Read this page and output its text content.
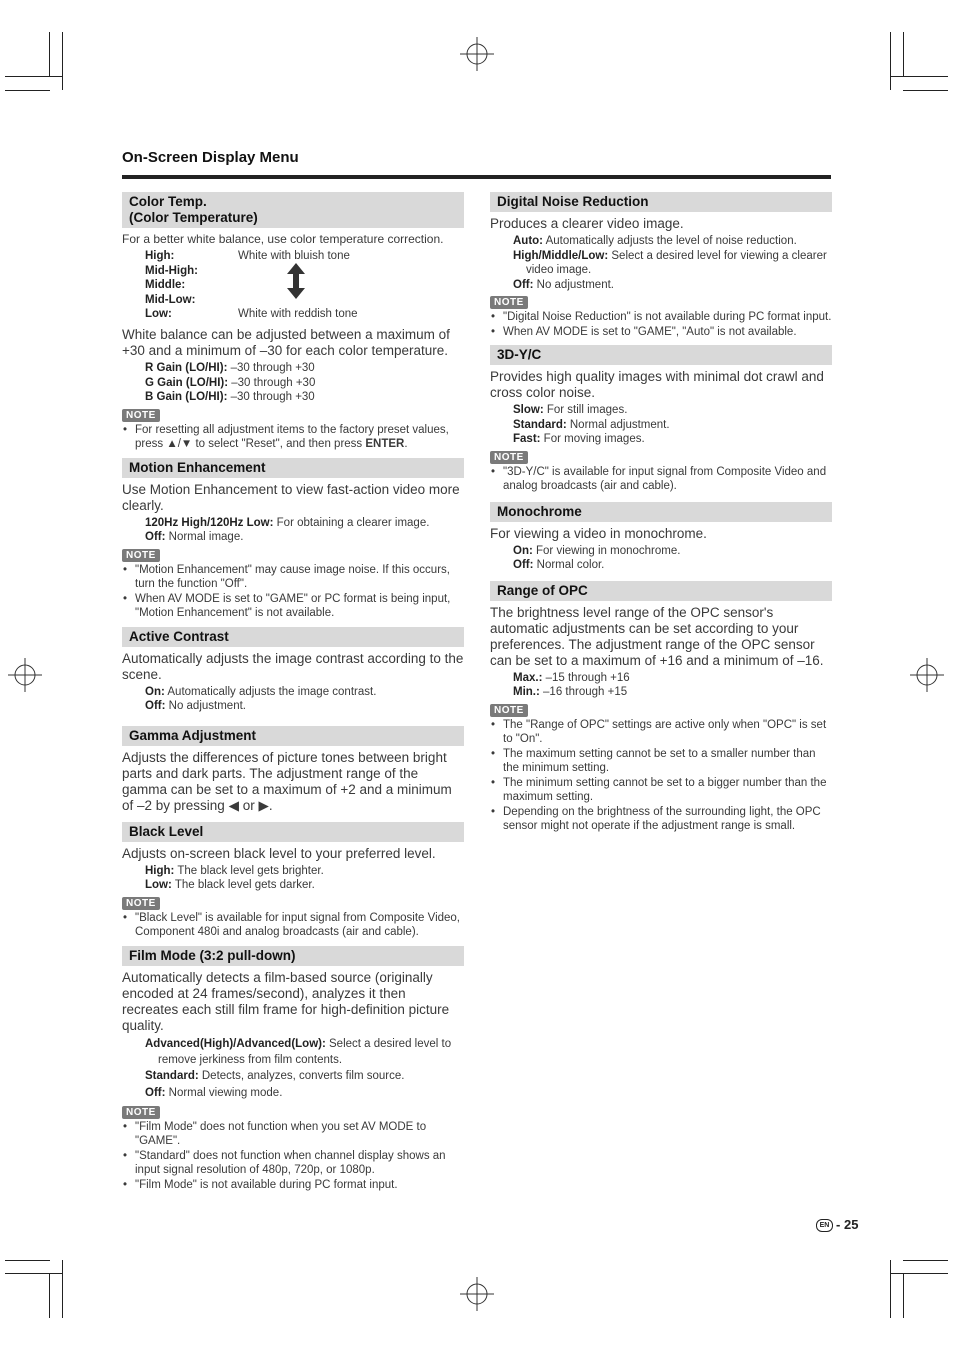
On-Screen Display Menu
Color Temp.
(Color Temperature)
For a better white balance, use color temperature correction.
High:	White with bluish tone
Mid-High:
Middle:
Mid-Low:
Low:	White with reddish tone
White balance can be adjusted between a maximum of +30 and a minimum of –30 for each color temperature.
R Gain (LO/HI): –30 through +30
G Gain (LO/HI): –30 through +30
B Gain (LO/HI): –30 through +30
NOTE
• For resetting all adjustment items to the factory preset values, press ▲/▼ to select "Reset", and then press ENTER.
Motion Enhancement
Use Motion Enhancement to view fast-action video more clearly.
120Hz High/120Hz Low: For obtaining a clearer image.
Off: Normal image.
NOTE
• "Motion Enhancement" may cause image noise. If this occurs, turn the function "Off".
• When AV MODE is set to "GAME" or PC format is being input, "Motion Enhancement" is not available.
Active Contrast
Automatically adjusts the image contrast according to the scene.
On: Automatically adjusts the image contrast.
Off: No adjustment.
Gamma Adjustment
Adjusts the differences of picture tones between bright parts and dark parts. The adjustment range of the gamma can be set to a maximum of +2 and a minimum of –2 by pressing ◀ or ▶.
Black Level
Adjusts on-screen black level to your preferred level.
High: The black level gets brighter.
Low: The black level gets darker.
NOTE
• "Black Level" is available for input signal from Composite Video, Component 480i and analog broadcasts (air and cable).
Film Mode (3:2 pull-down)
Automatically detects a film-based source (originally encoded at 24 frames/second), analyzes it then recreates each still film frame for high-definition picture quality.
Advanced(High)/Advanced(Low): Select a desired level to remove jerkiness from film contents.
Standard: Detects, analyzes, converts film source.
Off: Normal viewing mode.
NOTE
• "Film Mode" does not function when you set AV MODE to "GAME".
• "Standard" does not function when channel display shows an input signal resolution of 480p, 720p, or 1080p.
• "Film Mode" is not available during PC format input.
Digital Noise Reduction
Produces a clearer video image.
Auto: Automatically adjusts the level of noise reduction.
High/Middle/Low: Select a desired level for viewing a clearer video image.
Off: No adjustment.
NOTE
• "Digital Noise Reduction" is not available during PC format input.
• When AV MODE is set to "GAME", "Auto" is not available.
3D-Y/C
Provides high quality images with minimal dot crawl and cross color noise.
Slow: For still images.
Standard: Normal adjustment.
Fast: For moving images.
NOTE
• "3D-Y/C" is available for input signal from Composite Video and analog broadcasts (air and cable).
Monochrome
For viewing a video in monochrome.
On: For viewing in monochrome.
Off: Normal color.
Range of OPC
The brightness level range of the OPC sensor's automatic adjustments can be set according to your preferences. The adjustment range of the OPC sensor can be set to a maximum of +16 and a minimum of –16.
Max.: –15 through +16
Min.: –16 through +15
NOTE
• The "Range of OPC" settings are active only when "OPC" is set to "On".
• The maximum setting cannot be set to a smaller number than the minimum setting.
• The minimum setting cannot be set to a bigger number than the maximum setting.
• Depending on the brightness of the surrounding light, the OPC sensor might not operate if the adjustment range is small.
EN - 25
